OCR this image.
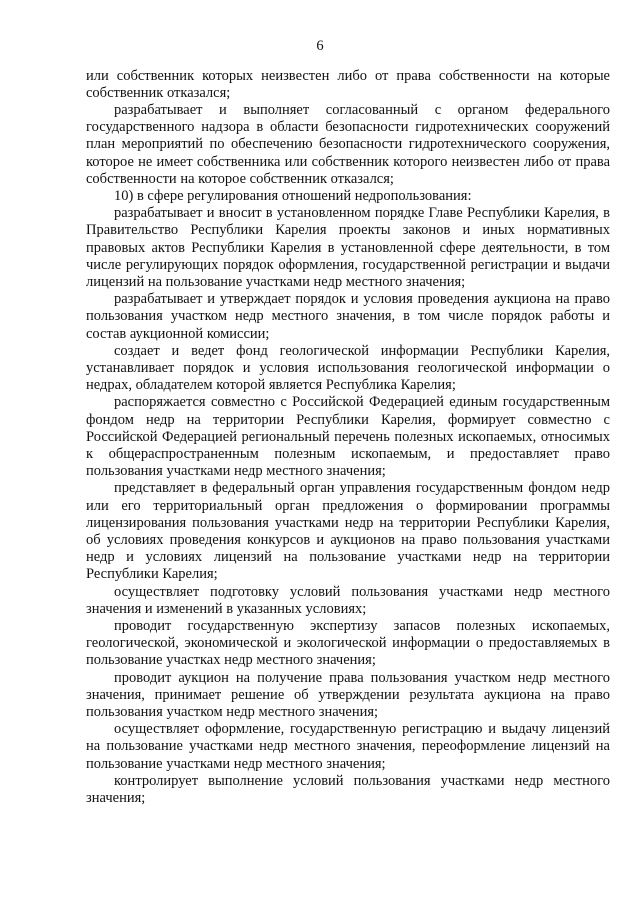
6

или собственник которых неизвестен либо от права собственности на которые собственник отказался;

разрабатывает и выполняет согласованный с органом федерального государственного надзора в области безопасности гидротехнических сооружений план мероприятий по обеспечению безопасности гидротехнического сооружения, которое не имеет собственника или собственник которого неизвестен либо от права собственности на которое собственник отказался;

10) в сфере регулирования отношений недропользования:

разрабатывает и вносит в установленном порядке Главе Республики Карелия, в Правительство Республики Карелия проекты законов и иных нормативных правовых актов Республики Карелия в установленной сфере деятельности, в том числе регулирующих порядок оформления, государственной регистрации и выдачи лицензий на пользование участками недр местного значения;

разрабатывает и утверждает порядок и условия проведения аукциона на право пользования участком недр местного значения, в том числе порядок работы и состав аукционной комиссии;

создает и ведет фонд геологической информации Республики Карелия, устанавливает порядок и условия использования геологической информации о недрах, обладателем которой является Республика Карелия;

распоряжается совместно с Российской Федерацией единым государственным фондом недр на территории Республики Карелия, формирует совместно с Российской Федерацией региональный перечень полезных ископаемых, относимых к общераспространенным полезным ископаемым, и предоставляет право пользования участками недр местного значения;

представляет в федеральный орган управления государственным фондом недр или его территориальный орган предложения о формировании программы лицензирования пользования участками недр на территории Республики Карелия, об условиях проведения конкурсов и аукционов на право пользования участками недр и условиях лицензий на пользование участками недр на территории Республики Карелия;

осуществляет подготовку условий пользования участками недр местного значения и изменений в указанных условиях;

проводит государственную экспертизу запасов полезных ископаемых, геологической, экономической и экологической информации о предоставляемых в пользование участках недр местного значения;

проводит аукцион на получение права пользования участком недр местного значения, принимает решение об утверждении результата аукциона на право пользования участком недр местного значения;

осуществляет оформление, государственную регистрацию и выдачу лицензий на пользование участками недр местного значения, переоформление лицензий на пользование участками недр местного значения;

контролирует выполнение условий пользования участками недр местного значения;
